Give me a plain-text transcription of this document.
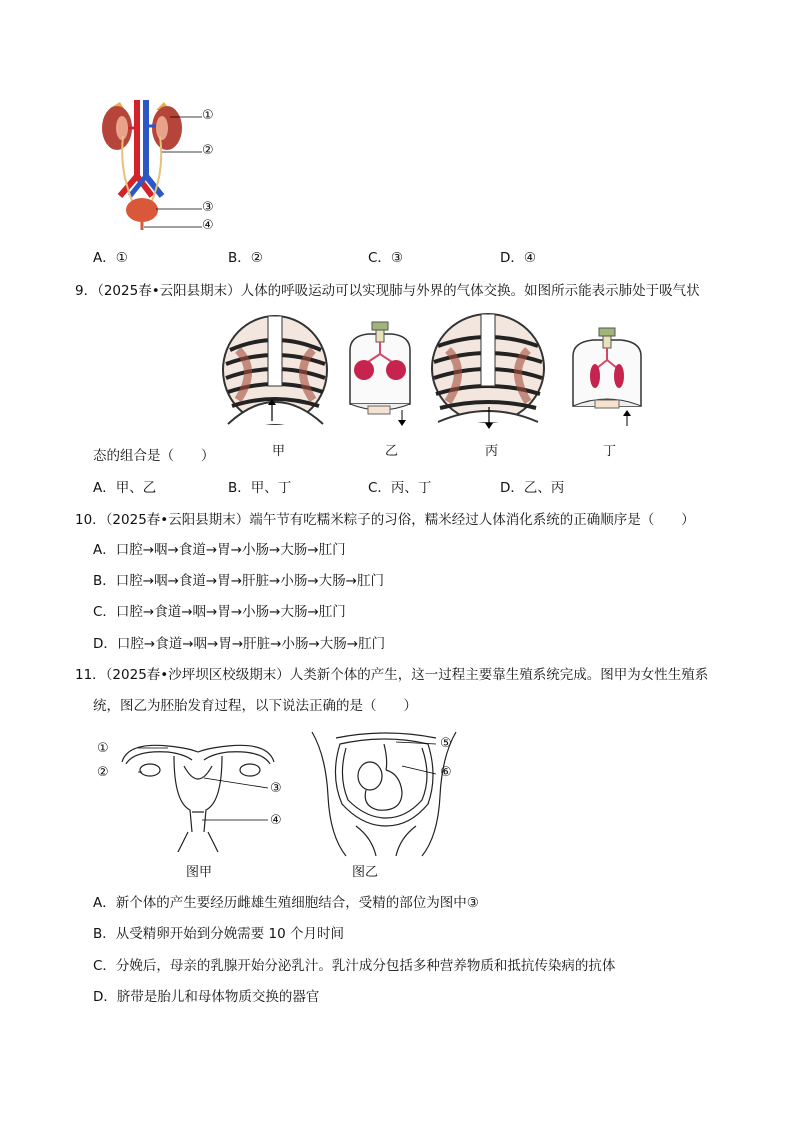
①
②
③
④
A．①	B．②	C．③	D．④
9．（2025春•云阳县期末）人体的呼吸运动可以实现肺与外界的气体交换。如图所示能表示肺处于吸气状
甲	乙	丙	丁
态的组合是（　　）
A．甲、乙	B．甲、丁	C．丙、丁	D．乙、丙
10．（2025春•云阳县期末）端午节有吃糯米粽子的习俗，糯米经过人体消化系统的正确顺序是（　　）
A．口腔→咽→食道→胃→小肠→大肠→肛门
B．口腔→咽→食道→胃→肝脏→小肠→大肠→肛门
C．口腔→食道→咽→胃→小肠→大肠→肛门
D．口腔→食道→咽→胃→肝脏→小肠→大肠→肛门
11．（2025春•沙坪坝区校级期末）人类新个体的产生，这一过程主要靠生殖系统完成。图甲为女性生殖系
统，图乙为胚胎发育过程，以下说法正确的是（　　）
①
②
③
④
图甲
⑤
⑥
图乙
A．新个体的产生要经历雌雄生殖细胞结合，受精的部位为图中③
B．从受精卵开始到分娩需要 10 个月时间
C．分娩后，母亲的乳腺开始分泌乳汁。乳汁成分包括多种营养物质和抵抗传染病的抗体
D．脐带是胎儿和母体物质交换的器官
